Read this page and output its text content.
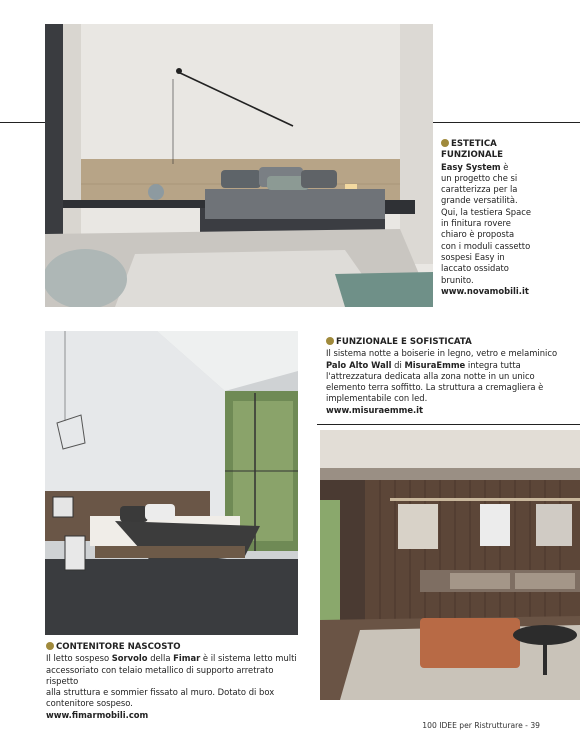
ESTETICA
FUNZIONALE
Easy System è
un progetto che si
caratterizza per la
grande versatilità.
Qui, la testiera Space
in finitura rovere
chiaro è proposta
con i moduli cassetto
sospesi Easy in
laccato ossidato
brunito.
www.novamobili.it
FUNZIONALE E SOFISTICATA
Il sistema notte a boiserie in legno, vetro e melaminico
Palo Alto Wall di MisuraEmme integra tutta
l'attrezzatura dedicata alla zona notte in un unico
elemento terra soffitto. La struttura a cremagliera è
implementabile con led.
www.misuraemme.it
CONTENITORE NASCOSTO
Il letto sospeso Sorvolo della Fimar è il sistema letto multi
accessoriato con telaio metallico di supporto arretrato rispetto
alla struttura e sommier fissato al muro. Dotato di box
contenitore sospeso.
www.fimarmobili.com
100 IDEE per Ristrutturare - 39
